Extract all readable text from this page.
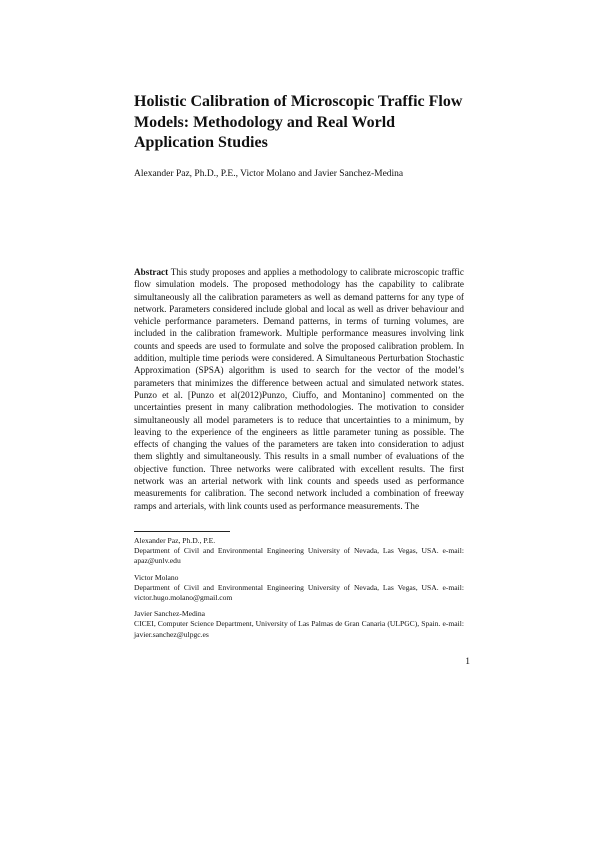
Holistic Calibration of Microscopic Traffic Flow Models: Methodology and Real World Application Studies

Alexander Paz, Ph.D., P.E., Victor Molano and Javier Sanchez-Medina

Abstract This study proposes and applies a methodology to calibrate microscopic traffic flow simulation models. The proposed methodology has the capability to calibrate simultaneously all the calibration parameters as well as demand patterns for any type of network. Parameters considered include global and local as well as driver behaviour and vehicle performance parameters. Demand patterns, in terms of turning volumes, are included in the calibration framework. Multiple performance measures involving link counts and speeds are used to formulate and solve the proposed calibration problem. In addition, multiple time periods were considered. A Simultaneous Perturbation Stochastic Approximation (SPSA) algorithm is used to search for the vector of the model’s parameters that minimizes the difference between actual and simulated network states. Punzo et al. [Punzo et al(2012)Punzo, Ciuffo, and Montanino] commented on the uncertainties present in many calibration methodologies. The motivation to consider simultaneously all model parameters is to reduce that uncertainties to a minimum, by leaving to the experience of the engineers as little parameter tuning as possible. The effects of changing the values of the parameters are taken into consideration to adjust them slightly and simultaneously. This results in a small number of evaluations of the objective function. Three networks were calibrated with excellent results. The first network was an arterial network with link counts and speeds used as performance measurements for calibration. The second network included a combination of freeway ramps and arterials, with link counts used as performance measurements. The

Alexander Paz, Ph.D., P.E.
Department of Civil and Environmental Engineering University of Nevada, Las Vegas, USA. e-mail: apaz@unlv.edu
Victor Molano
Department of Civil and Environmental Engineering University of Nevada, Las Vegas, USA. e-mail: victor.hugo.molano@gmail.com
Javier Sanchez-Medina
CICEI, Computer Science Department, University of Las Palmas de Gran Canaria (ULPGC), Spain. e-mail: javier.sanchez@ulpgc.es
1
